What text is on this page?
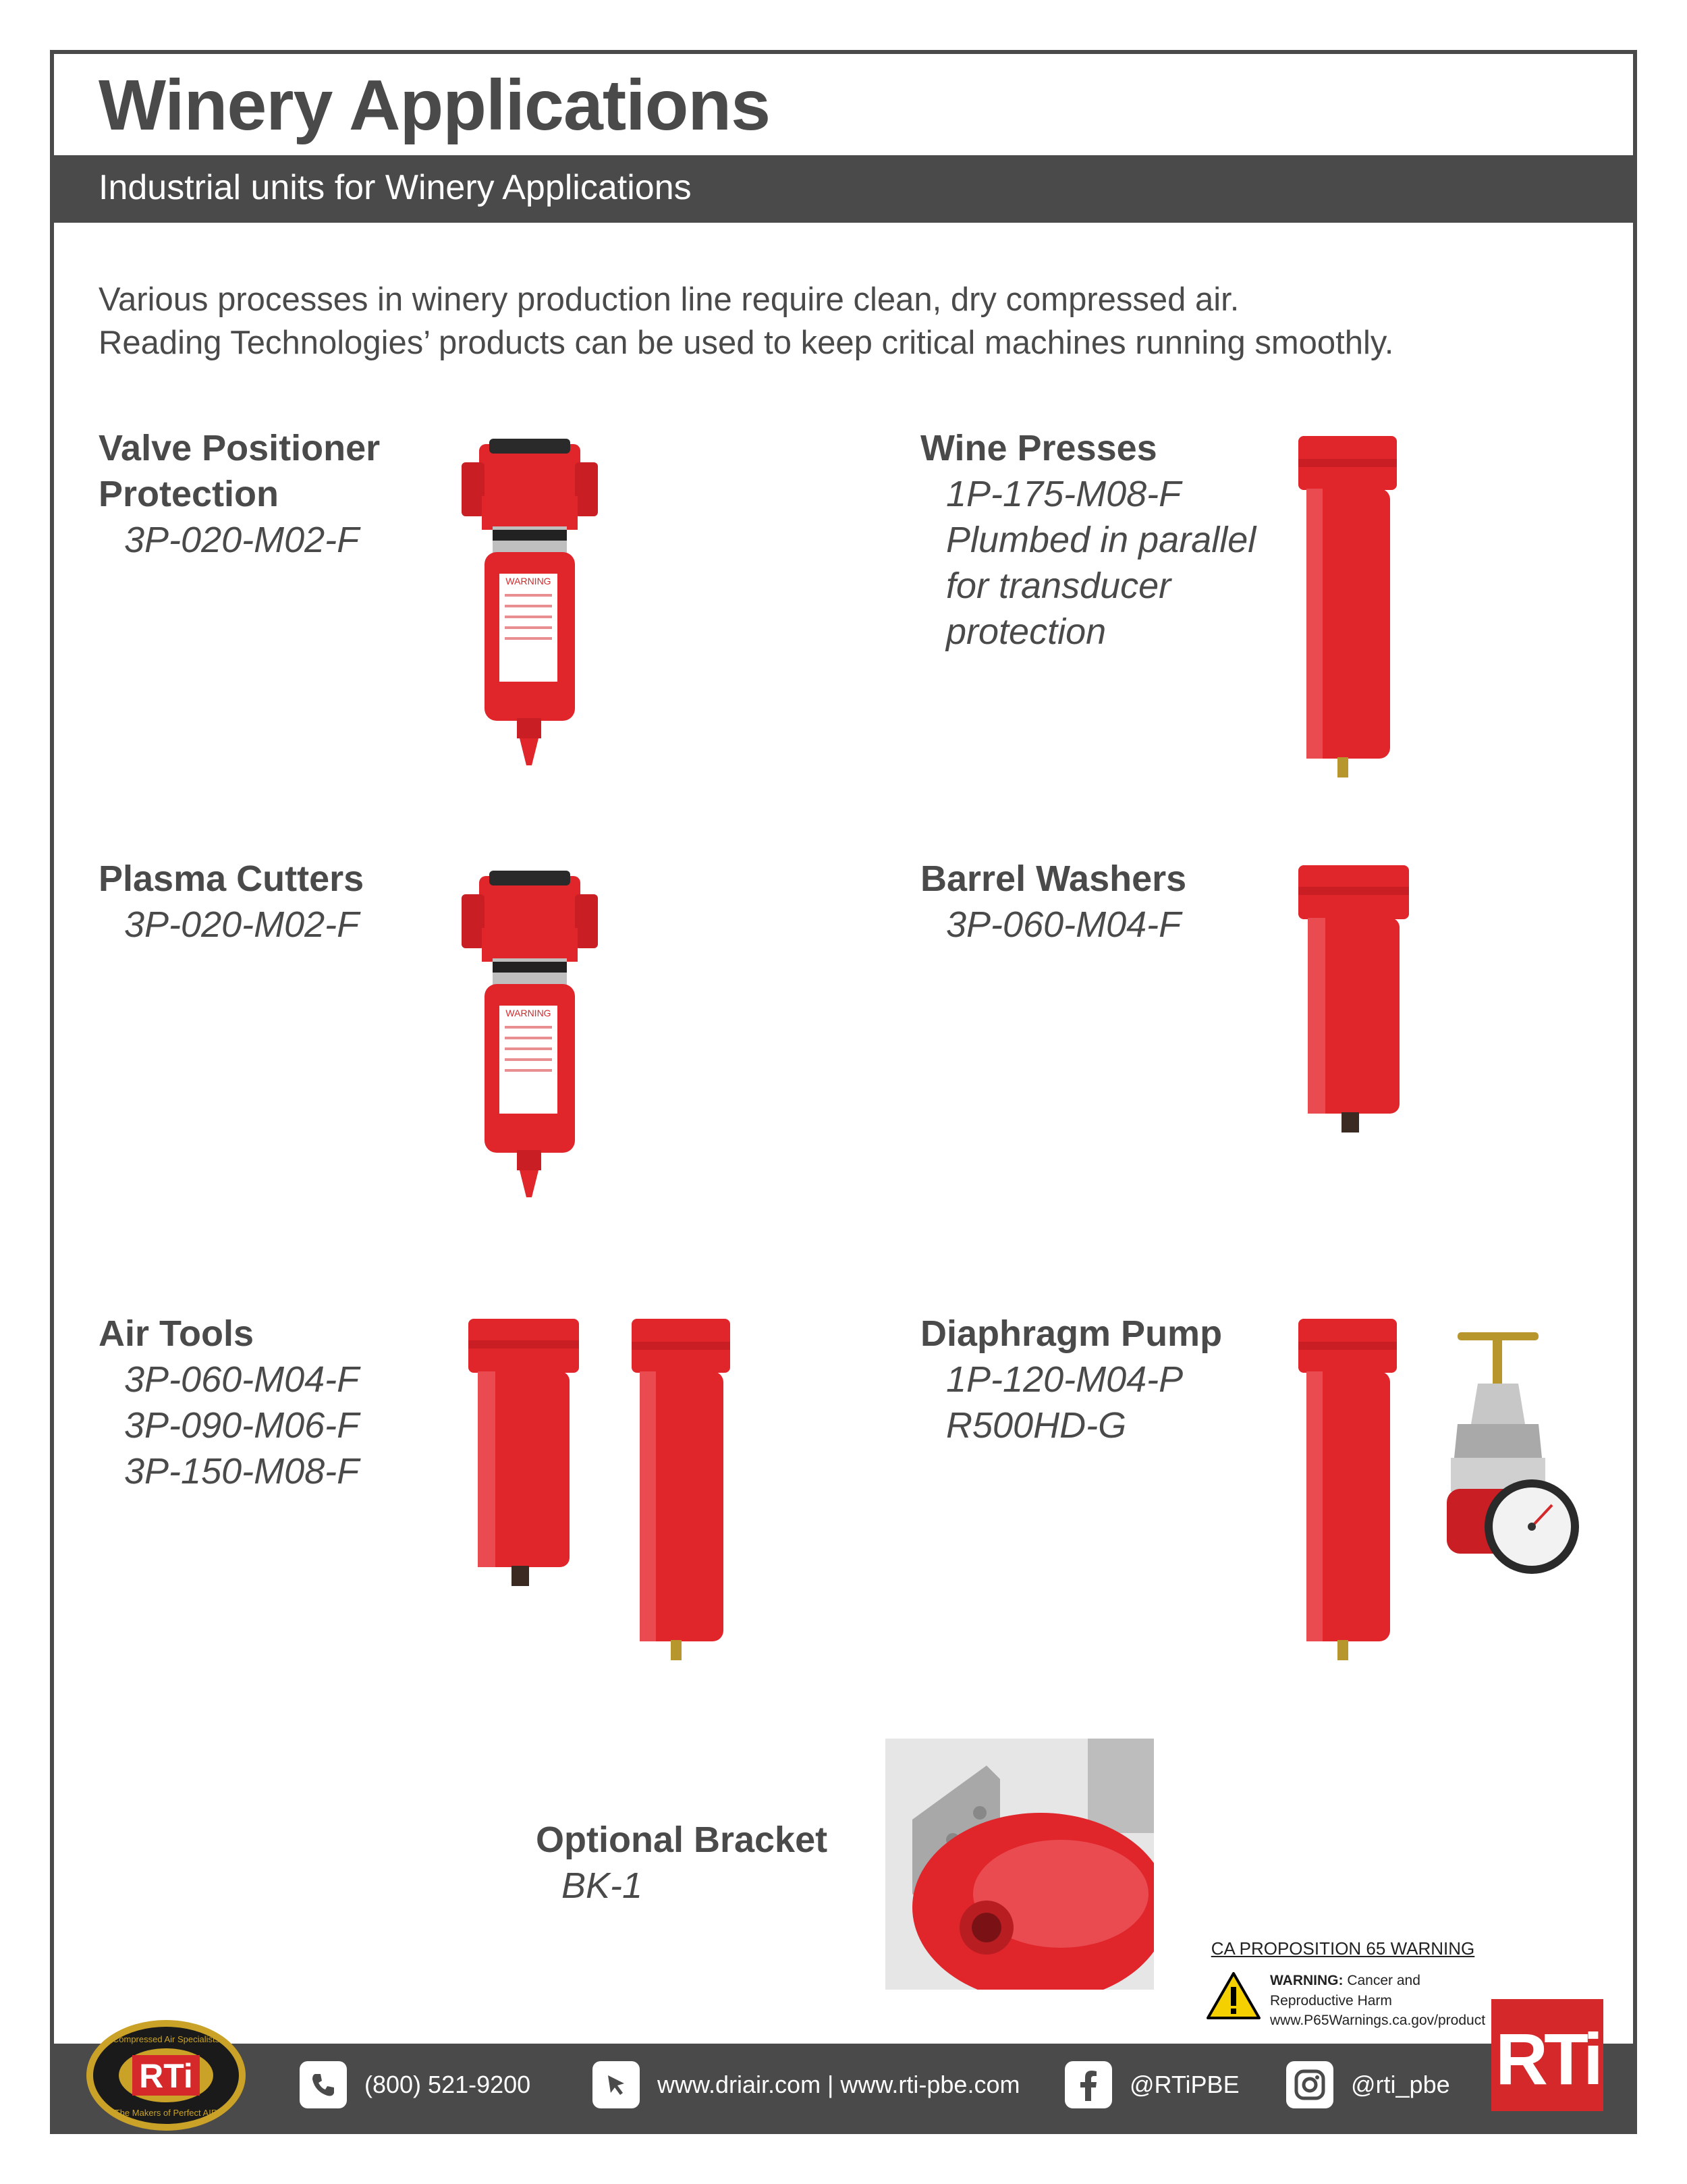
Winery Applications
Industrial units for Winery Applications
Various processes in winery production line require clean, dry compressed air.
Reading Technologies’ products can be used to keep critical machines running smoothly.
Valve Positioner
Protection
3P-020-M02-F
WARNING
Wine Presses
1P-175-M08-F
Plumbed in parallel
for transducer
protection
Plasma Cutters
3P-020-M02-F
WARNING
Barrel Washers
3P-060-M04-F
Air Tools
3P-060-M04-F
3P-090-M06-F
3P-150-M08-F
Diaphragm Pump
1P-120-M04-P
R500HD-G
Optional Bracket
BK-1
CA PROPOSITION 65 WARNING
WARNING: Cancer and Reproductive Harm
www.P65Warnings.ca.gov/product
(800) 521-9200	www.driair.com | www.rti-pbe.com	@RTiPBE	@rti_pbe
RTi
Compressed Air Specialists
The Makers of Perfect AIR
RTi
